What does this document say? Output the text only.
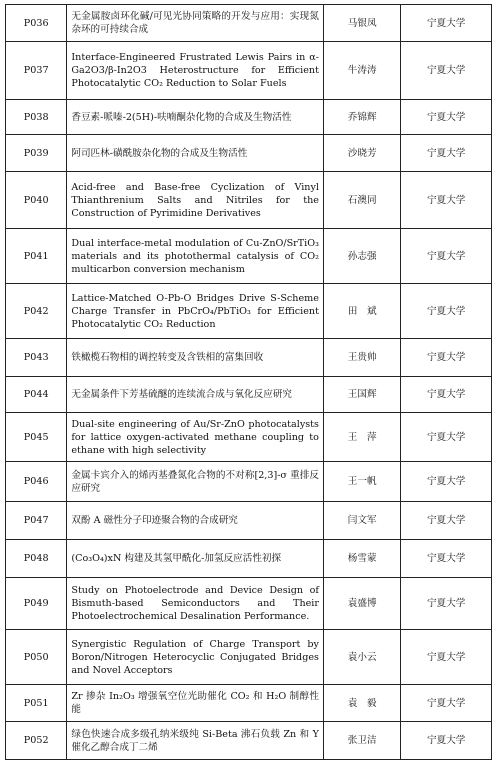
P036	无金属胺卤环化碱/可见光协同策略的开发与应用：实现氮杂环的可持续合成	马银凤	宁夏大学
P037	Interface-Engineered Frustrated Lewis Pairs in α-Ga2O3/β-In2O3 Heterostructure for Efficient Photocatalytic CO₂ Reduction to Solar Fuels	牛涛涛	宁夏大学
P038	香豆素-哌嗪-2(5H)-呋喃酮杂化物的合成及生物活性	乔锦辉	宁夏大学
P039	阿司匹林-磺酰胺杂化物的合成及生物活性	沙晓芳	宁夏大学
P040	Acid-free and Base-free Cyclization of Vinyl Thianthrenium Salts and Nitriles for the Construction of Pyrimidine Derivatives	石澳同	宁夏大学
P041	Dual interface-metal modulation of Cu-ZnO/SrTiO₃ materials and its photothermal catalysis of CO₂ multicarbon conversion mechanism	孙志强	宁夏大学
P042	Lattice-Matched O-Pb-O Bridges Drive S-Scheme Charge Transfer in PbCrO₄/PbTiO₃ for Efficient Photocatalytic CO₂ Reduction	田　斌	宁夏大学
P043	铁橄榄石物相的调控转变及含铁相的富集回收	王贵帅	宁夏大学
P044	无金属条件下芳基硫醚的连续流合成与氧化反应研究	王国辉	宁夏大学
P045	Dual-site engineering of Au/Sr-ZnO photocatalysts for lattice oxygen-activated methane coupling to ethane with high selectivity	王　萍	宁夏大学
P046	金属卡宾介入的烯丙基叠氮化合物的不对称[2,3]-σ 重排反应研究	王一帆	宁夏大学
P047	双酚 A 磁性分子印迹聚合物的合成研究	闫文军	宁夏大学
P048	(Co₃O₄)xN 构建及其氢甲酰化-加氢反应活性初探	杨雪蒙	宁夏大学
P049	Study on Photoelectrode and Device Design of Bismuth-based Semiconductors and Their Photoelectrochemical Desalination Performance.	袁盛博	宁夏大学
P050	Synergistic Regulation of Charge Transport by Boron/Nitrogen Heterocyclic Conjugated Bridges and Novel Acceptors	袁小云	宁夏大学
P051	Zr 掺杂 In₂O₃ 增强氧空位光助催化 CO₂ 和 H₂O 制醇性能	袁　毅	宁夏大学
P052	绿色快速合成多级孔纳米级纯 Si-Beta 沸石负载 Zn 和 Y 催化乙醇合成丁二烯	张卫洁	宁夏大学
